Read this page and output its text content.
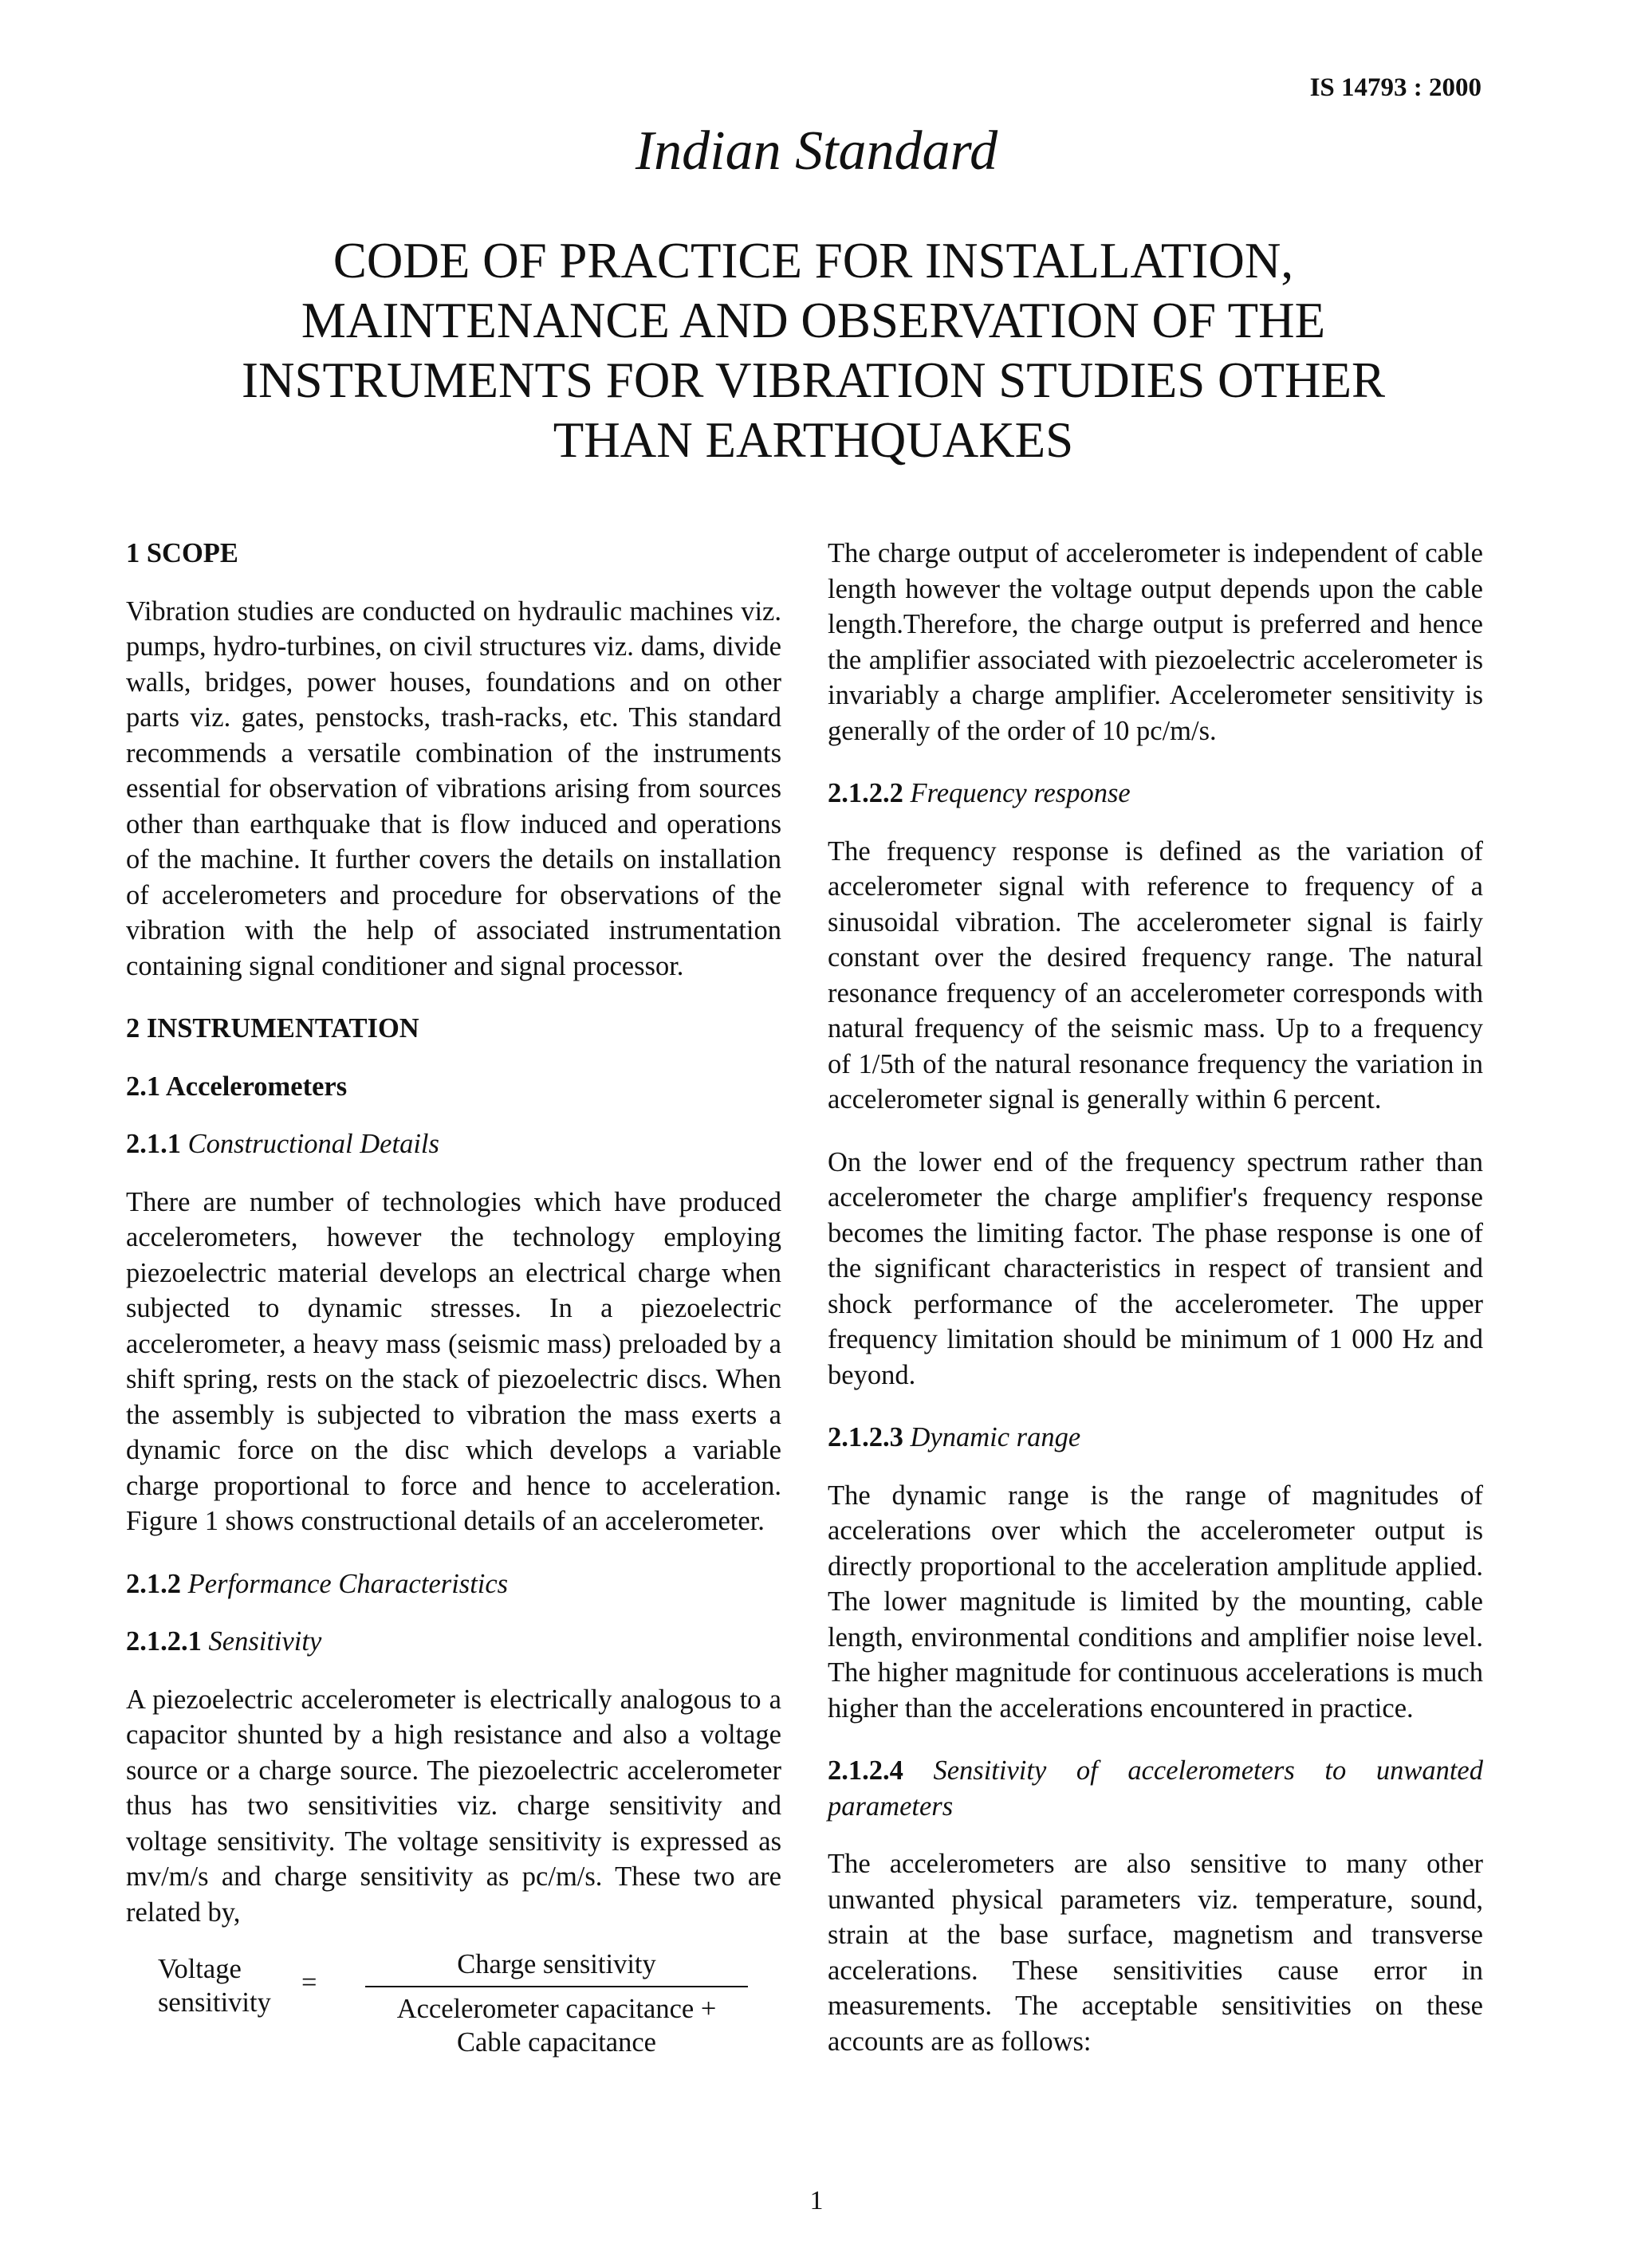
IS 14793 : 2000
Indian Standard
CODE OF PRACTICE FOR INSTALLATION,
MAINTENANCE AND OBSERVATION OF THE
INSTRUMENTS FOR VIBRATION STUDIES OTHER
THAN EARTHQUAKES

1 SCOPE

Vibration studies are conducted on hydraulic machines viz. pumps, hydro-turbines, on civil structures viz. dams, divide walls, bridges, power houses, foundations and on other parts viz. gates, penstocks, trash-racks, etc. This standard recommends a versatile combination of the instruments essential for observation of vibrations arising from sources other than earthquake that is flow induced and operations of the machine. It further covers the details on installation of accelerometers and procedure for observations of the vibration with the help of associated instrumentation containing signal conditioner and signal processor.

2 INSTRUMENTATION

2.1 Accelerometers

2.1.1 Constructional Details

There are number of technologies which have produced accelerometers, however the technology employing piezoelectric material develops an electrical charge when subjected to dynamic stresses. In a piezoelectric accelerometer, a heavy mass (seismic mass) preloaded by a shift spring, rests on the stack of piezoelectric discs. When the assembly is subjected to vibration the mass exerts a dynamic force on the disc which develops a variable charge proportional to force and hence to acceleration. Figure 1 shows constructional details of an accelerometer.

2.1.2 Performance Characteristics

2.1.2.1 Sensitivity

A piezoelectric accelerometer is electrically analogous to a capacitor shunted by a high resistance and also a voltage source or a charge source. The piezoelectric accelerometer thus has two sensitivities viz. charge sensitivity and voltage sensitivity. The voltage sensitivity is expressed as mv/m/s and charge sensitivity as pc/m/s. These two are related by,

Voltage
sensitivity
=
Charge sensitivity
Accelerometer capacitance +
Cable capacitance

The charge output of accelerometer is independent of cable length however the voltage output depends upon the cable length.Therefore, the charge output is preferred and hence the amplifier associated with piezoelectric accelerometer is invariably a charge amplifier. Accelerometer sensitivity is generally of the order of 10 pc/m/s.

2.1.2.2 Frequency response

The frequency response is defined as the variation of accelerometer signal with reference to frequency of a sinusoidal vibration. The accelerometer signal is fairly constant over the desired frequency range. The natural resonance frequency of an accelerometer corresponds with natural frequency of the seismic mass. Up to a frequency of 1/5th of the natural resonance frequency the variation in accelerometer signal is generally within 6 percent.

On the lower end of the frequency spectrum rather than accelerometer the charge amplifier's frequency response becomes the limiting factor. The phase response is one of the significant characteristics in respect of transient and shock performance of the accelerometer. The upper frequency limitation should be minimum of 1 000 Hz and beyond.

2.1.2.3 Dynamic range

The dynamic range is the range of magnitudes of accelerations over which the accelerometer output is directly proportional to the acceleration amplitude applied. The lower magnitude is limited by the mounting, cable length, environmental conditions and amplifier noise level. The higher magnitude for continuous accelerations is much higher than the accelerations encountered in practice.

2.1.2.4 Sensitivity of accelerometers to unwanted parameters

The accelerometers are also sensitive to many other unwanted physical parameters viz. temperature, sound, strain at the base surface, magnetism and transverse accelerations. These sensitivities cause error in measurements. The acceptable sensitivities on these accounts are as follows:

1
